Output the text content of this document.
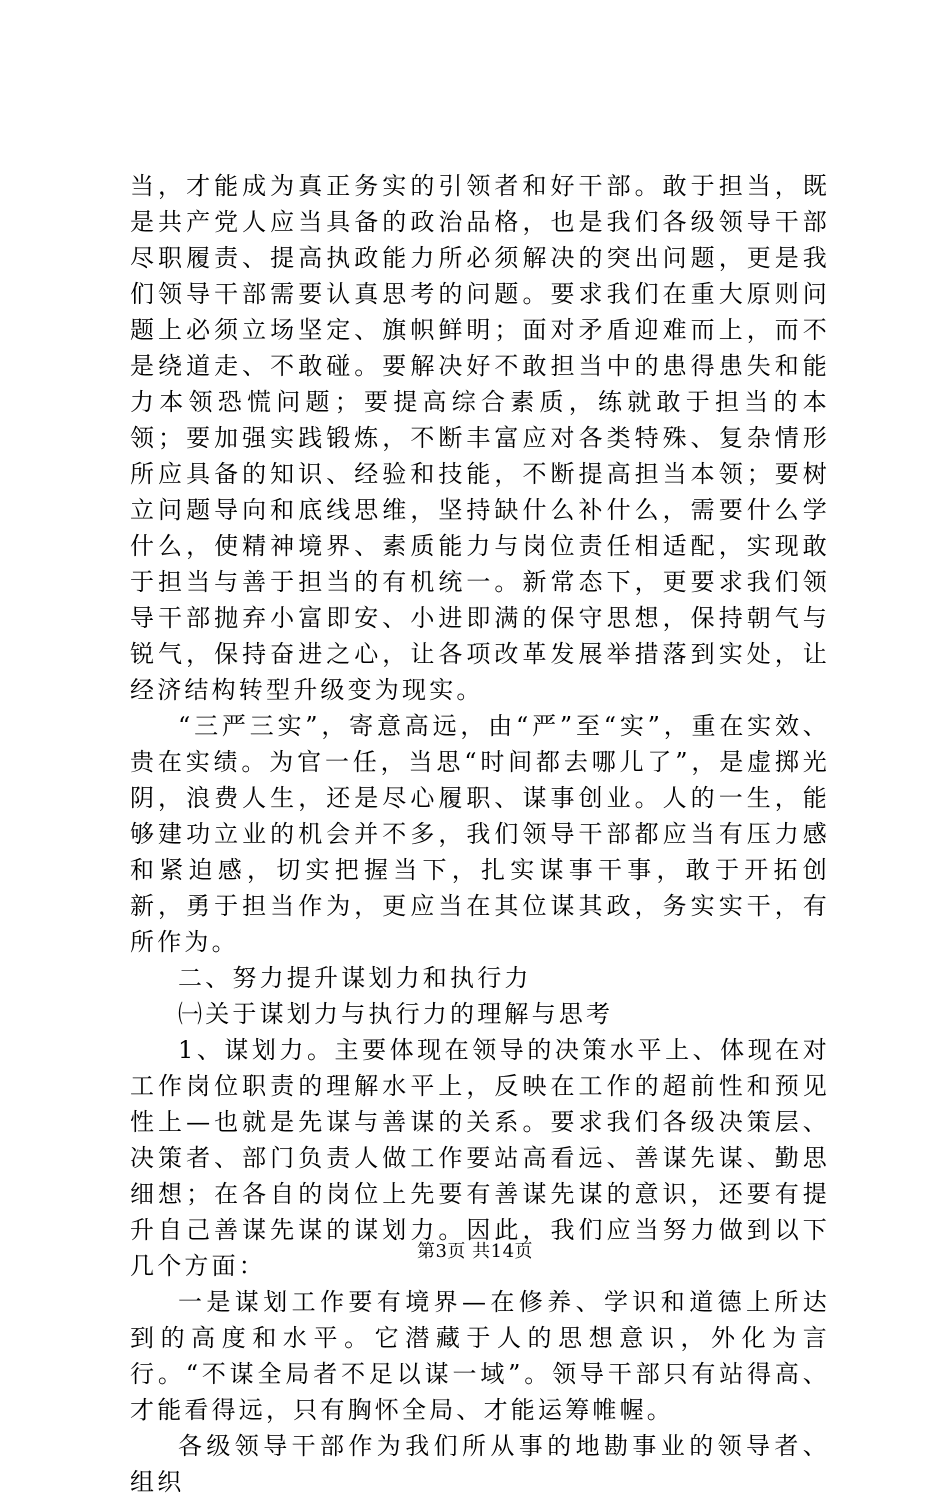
当，才能成为真正务实的引领者和好干部。敢于担当，既是共产党人应当具备的政治品格，也是我们各级领导干部尽职履责、提高执政能力所必须解决的突出问题，更是我们领导干部需要认真思考的问题。要求我们在重大原则问题上必须立场坚定、旗帜鲜明；面对矛盾迎难而上，而不是绕道走、不敢碰。要解决好不敢担当中的患得患失和能力本领恐慌问题；要提高综合素质，练就敢于担当的本领；要加强实践锻炼，不断丰富应对各类特殊、复杂情形所应具备的知识、经验和技能，不断提高担当本领；要树立问题导向和底线思维，坚持缺什么补什么，需要什么学什么，使精神境界、素质能力与岗位责任相适配，实现敢于担当与善于担当的有机统一。新常态下，更要求我们领导干部抛弃小富即安、小进即满的保守思想，保持朝气与锐气，保持奋进之心，让各项改革发展举措落到实处，让经济结构转型升级变为现实。

“三严三实”，寄意高远，由“严”至“实”，重在实效、贵在实绩。为官一任，当思“时间都去哪儿了”，是虚掷光阴，浪费人生，还是尽心履职、谋事创业。人的一生，能够建功立业的机会并不多，我们领导干部都应当有压力感和紧迫感，切实把握当下，扎实谋事干事，敢于开拓创新，勇于担当作为，更应当在其位谋其政，务实实干，有所作为。

二、努力提升谋划力和执行力

㈠关于谋划力与执行力的理解与思考

1、谋划力。主要体现在领导的决策水平上、体现在对工作岗位职责的理解水平上，反映在工作的超前性和预见性上—也就是先谋与善谋的关系。要求我们各级决策层、决策者、部门负责人做工作要站高看远、善谋先谋、勤思细想；在各自的岗位上先要有善谋先谋的意识，还要有提升自己善谋先谋的谋划力。因此，我们应当努力做到以下几个方面：

一是谋划工作要有境界—在修养、学识和道德上所达到的高度和水平。它潜藏于人的思想意识，外化为言行。“不谋全局者不足以谋一域”。领导干部只有站得高、才能看得远，只有胸怀全局、才能运筹帷幄。

各级领导干部作为我们所从事的地勘事业的领导者、组织

第3页 共14页
